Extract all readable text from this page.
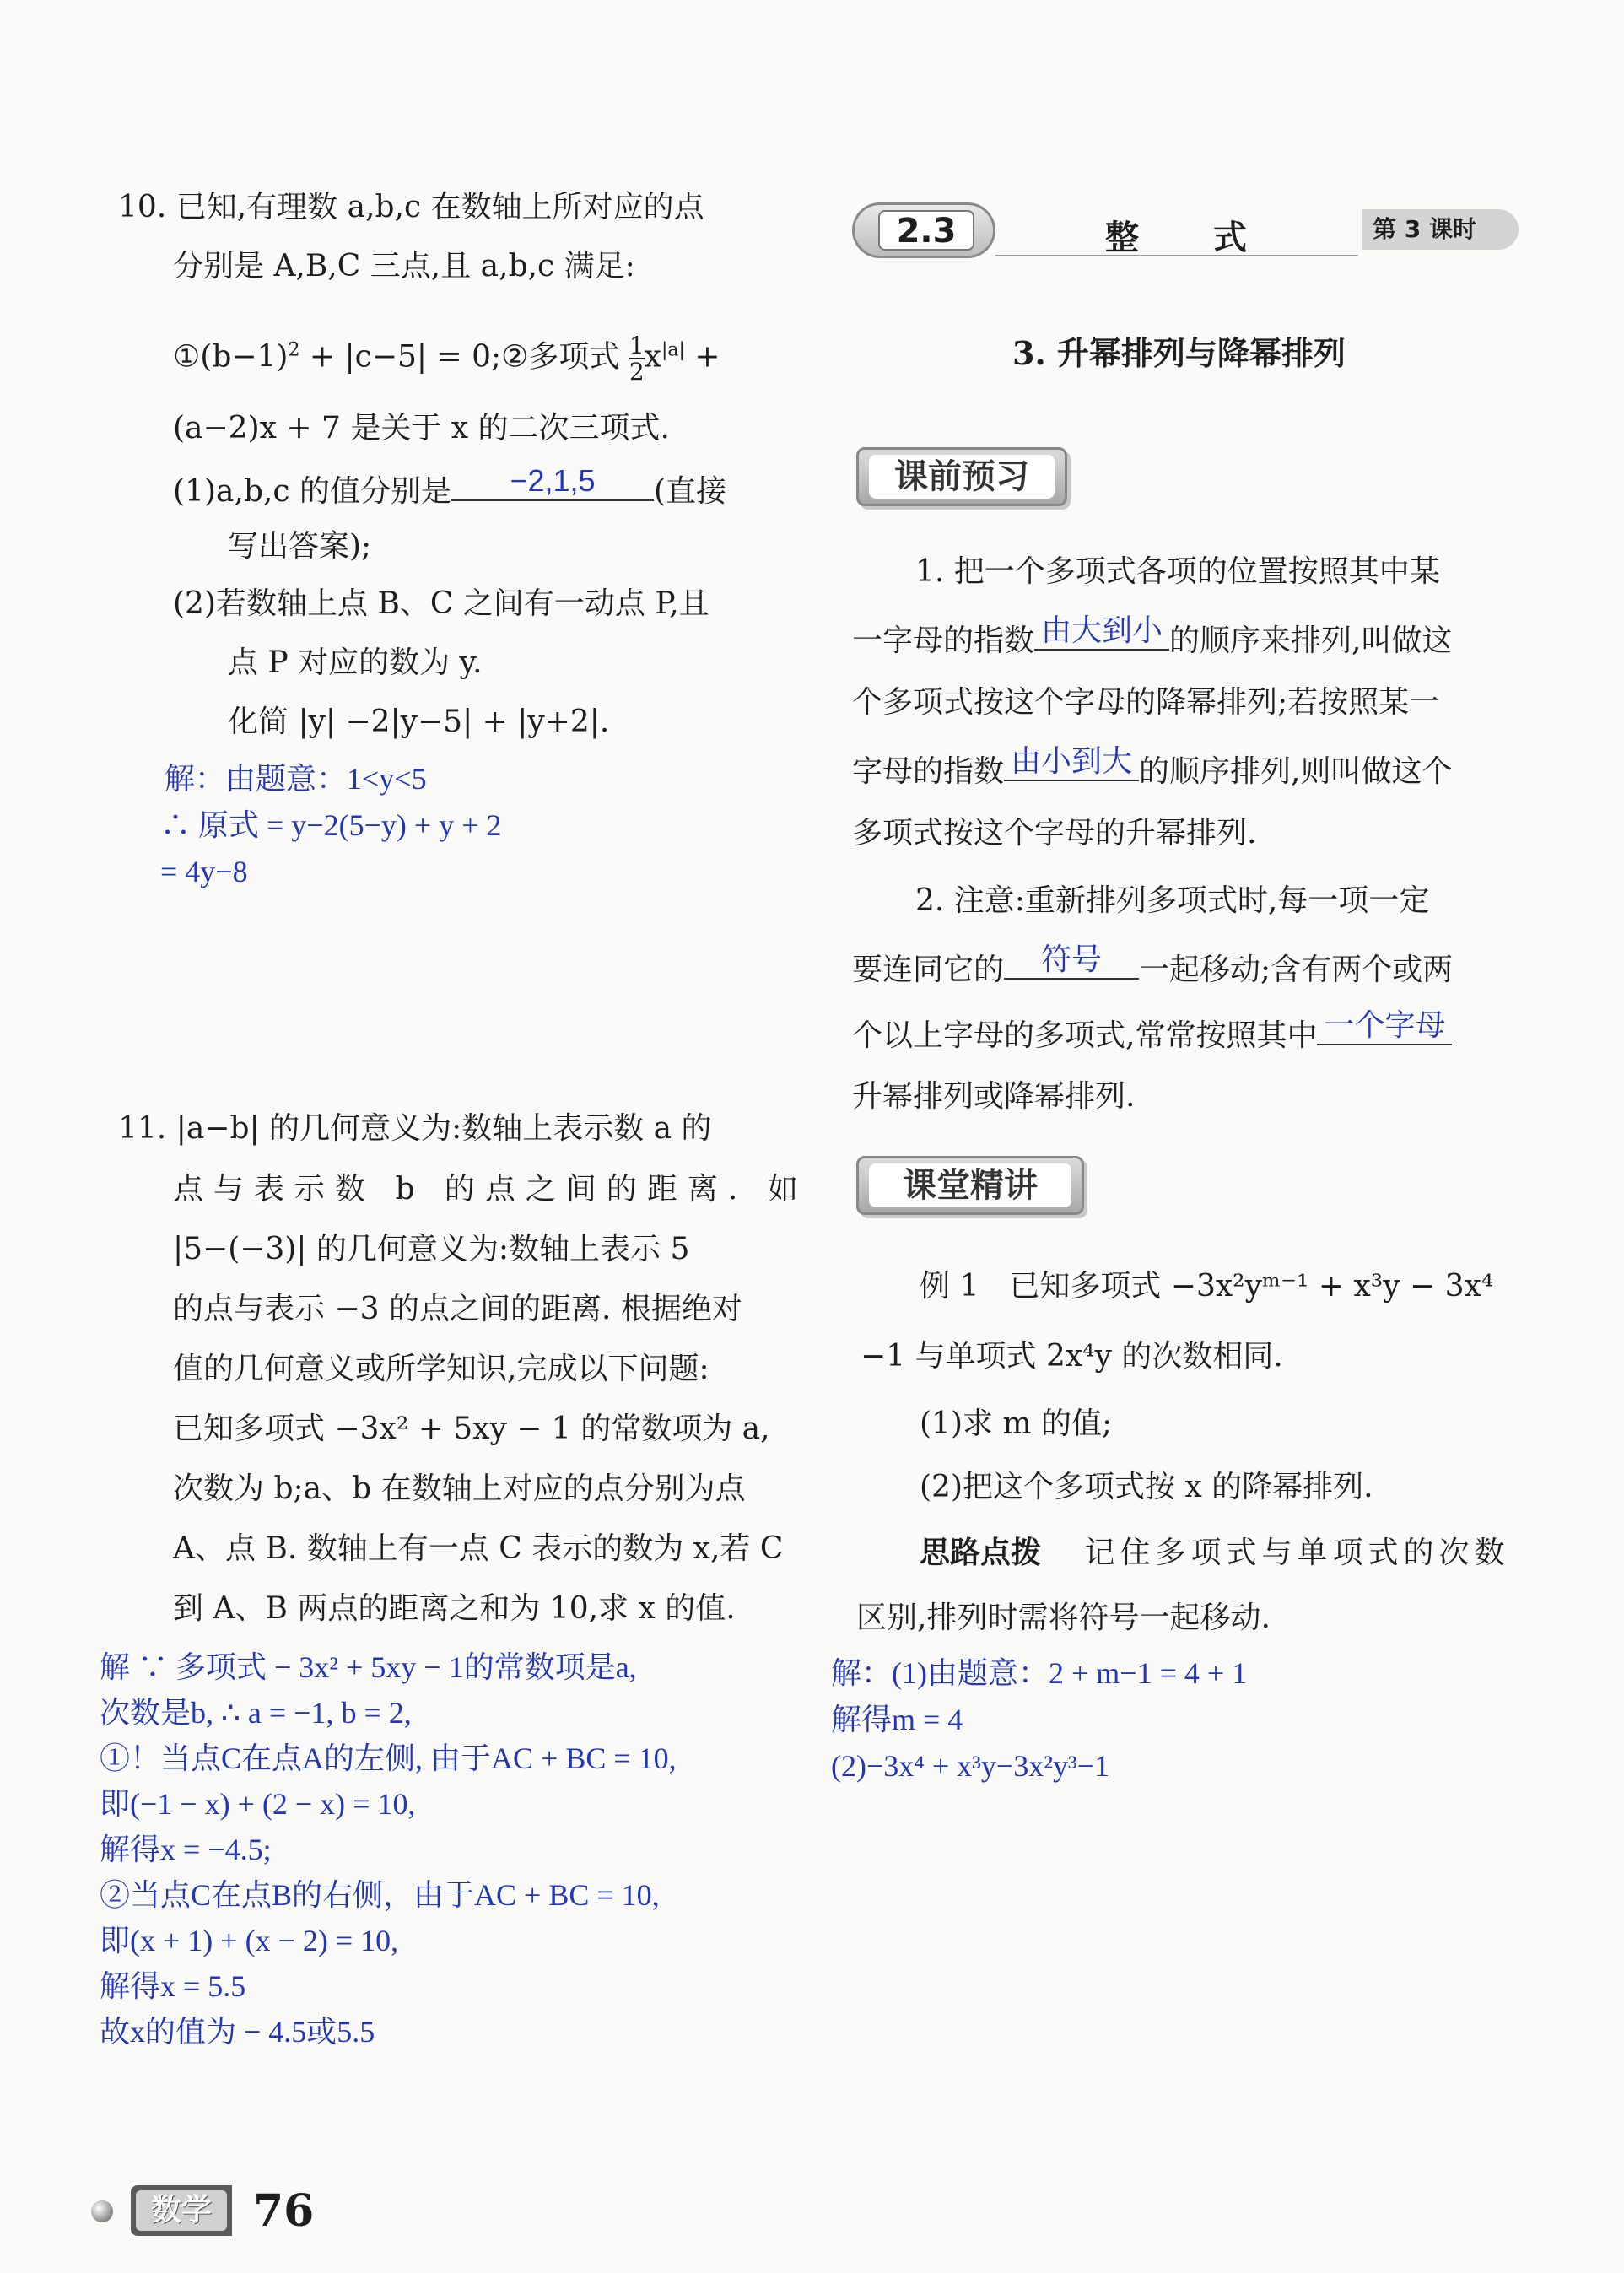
10. 已知,有理数 a,b,c 在数轴上所对应的点
分别是 A,B,C 三点,且 a,b,c 满足:
$①(b-1)^2 + |c-5|$ = 0;②多项式 $\frac{1}{2} x^{|a|}$ +
(a−2)x + 7 是关于 x 的二次三项式.
(1)a,b,c 的值分别是	−2,1,5	(直接
写出答案);
(2)若数轴上点 B、C 之间有一动点 P,且
点 P 对应的数为 y.
化简 |y| −2|y−5| + |y+2|.
解：由题意：1<y<5
∴ 原式 = y−2(5−y) + y + 2
= 4y−8
11. |a−b| 的几何意义为:数轴上表示数 a 的
点与表示数 b 的点之间的距离. 如
|5−(−3)| 的几何意义为:数轴上表示 5
的点与表示 −3 的点之间的距离. 根据绝对
值的几何意义或所学知识,完成以下问题:
已知多项式 −3x² + 5xy − 1 的常数项为 a,
次数为 b;a、b 在数轴上对应的点分别为点
A、点 B. 数轴上有一点 C 表示的数为 x,若 C
到 A、B 两点的距离之和为 10,求 x 的值.
解 ∵ 多项式 − 3x² + 5xy − 1的常数项是a,
次数是b, ∴ a = −1, b = 2,
①！当点C在点A的左侧, 由于AC + BC = 10,
即(−1 − x) + (2 − x) = 10,
解得x = −4.5;
②当点C在点B的右侧，由于AC + BC = 10,
即(x + 1) + (x − 2) = 10,
解得x = 5.5
故x的值为 − 4.5或5.5
2.3	整　式	第 3 课时
3. 升幂排列与降幂排列
课前预习
1. 把一个多项式各项的位置按照其中某
一字母的指数 由大到小 的顺序来排列,叫做这
个多项式按这个字母的降幂排列;若按照某一
字母的指数 由小到大 的顺序排列,则叫做这个
多项式按这个字母的升幂排列.
2. 注意:重新排列多项式时,每一项一定
要连同它的	符号	一起移动;含有两个或两
个以上字母的多项式,常常按照其中 一个字母
升幂排列或降幂排列.
课堂精讲
例 1　已知多项式 −3x²yᵐ⁻¹ + x³y − 3x⁴
−1 与单项式 2x⁴y 的次数相同.
(1)求 m 的值;
(2)把这个多项式按 x 的降幂排列.
思路点拨 记住多项式与单项式的次数
区别,排列时需将符号一起移动.
解：(1)由题意：2 + m−1 = 4 + 1
解得m = 4
(2)−3x⁴ + x³y−3x²y³−1
数学 76
